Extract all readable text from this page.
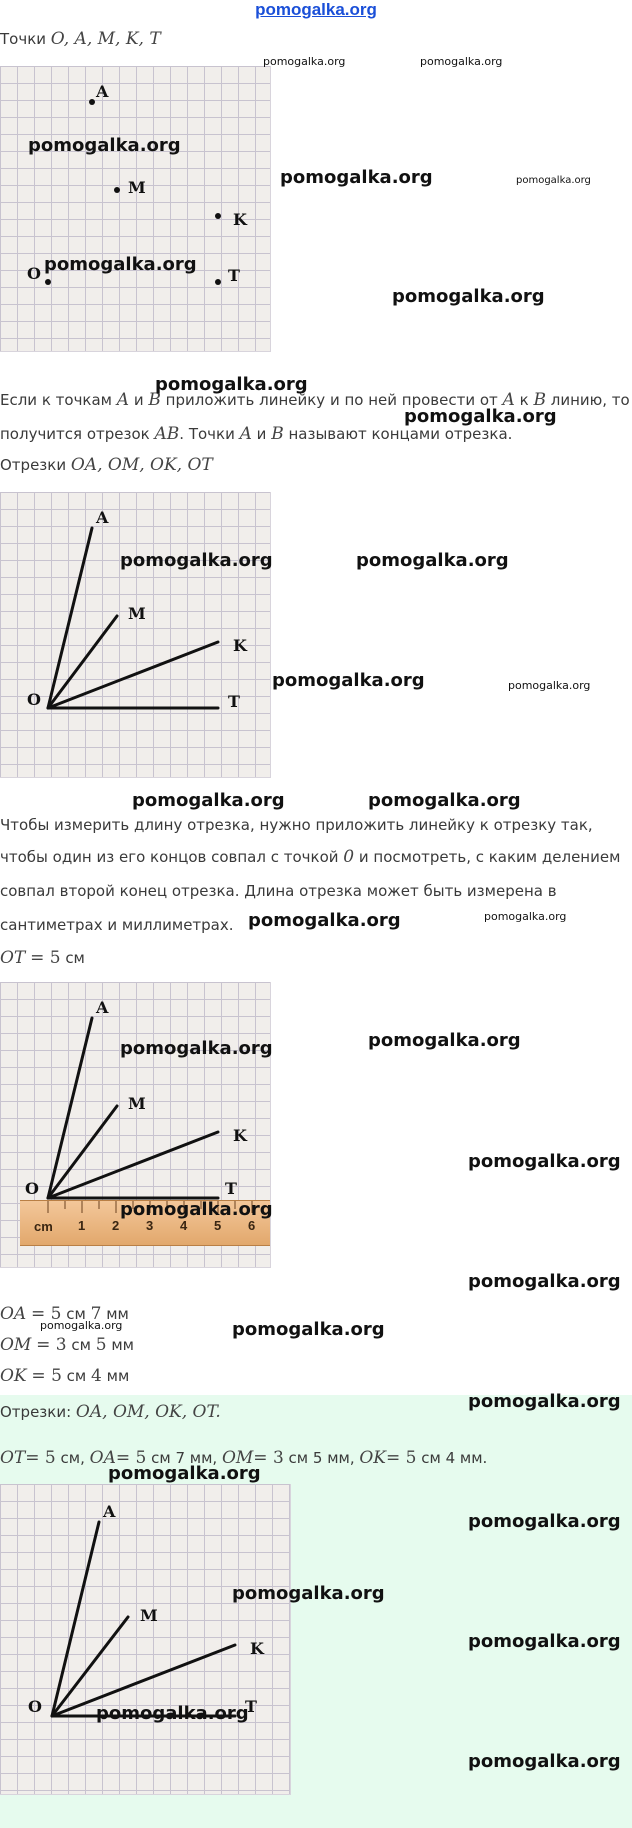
pomogalka.org
Точки O, A, M, K, T
A
M
K
O	T
Если к точкам A и B приложить линейку и по ней провести от A к B линию, то
получится отрезок AB. Точки A и B называют концами отрезка.
Отрезки OA, OM, OK, OT
A
M
K
O	T
Чтобы измерить длину отрезка, нужно приложить линейку к отрезку так,
чтобы один из его концов совпал с точкой 0 и посмотреть, с каким делением
совпал второй конец отрезка. Длина отрезка может быть измерена в
сантиметрах и миллиметрах.
OT = 5 см
A
M
K
O	T
cm 1 2 3 4 5 6
OA = 5 см 7 мм
OM = 3 см 5 мм
OK = 5 см 4 мм
Отрезки: OA, OM, OK, OT.
OT= 5 см, OA= 5 см 7 мм, OM= 3 см 5 мм, OK= 5 см 4 мм.
A
M
K
O	T
pomogalka.org	pomogalka.org
pomogalka.org
pomogalka.org	pomogalka.org
pomogalka.org
pomogalka.org
pomogalka.org
pomogalka.org
pomogalka.org	pomogalka.org
pomogalka.org	pomogalka.org
pomogalka.org	pomogalka.org
pomogalka.org	pomogalka.org
pomogalka.org	pomogalka.org
pomogalka.org
pomogalka.org
pomogalka.org
pomogalka.org	pomogalka.org
pomogalka.org
pomogalka.org
pomogalka.org
pomogalka.org
pomogalka.org
pomogalka.org
pomogalka.org
